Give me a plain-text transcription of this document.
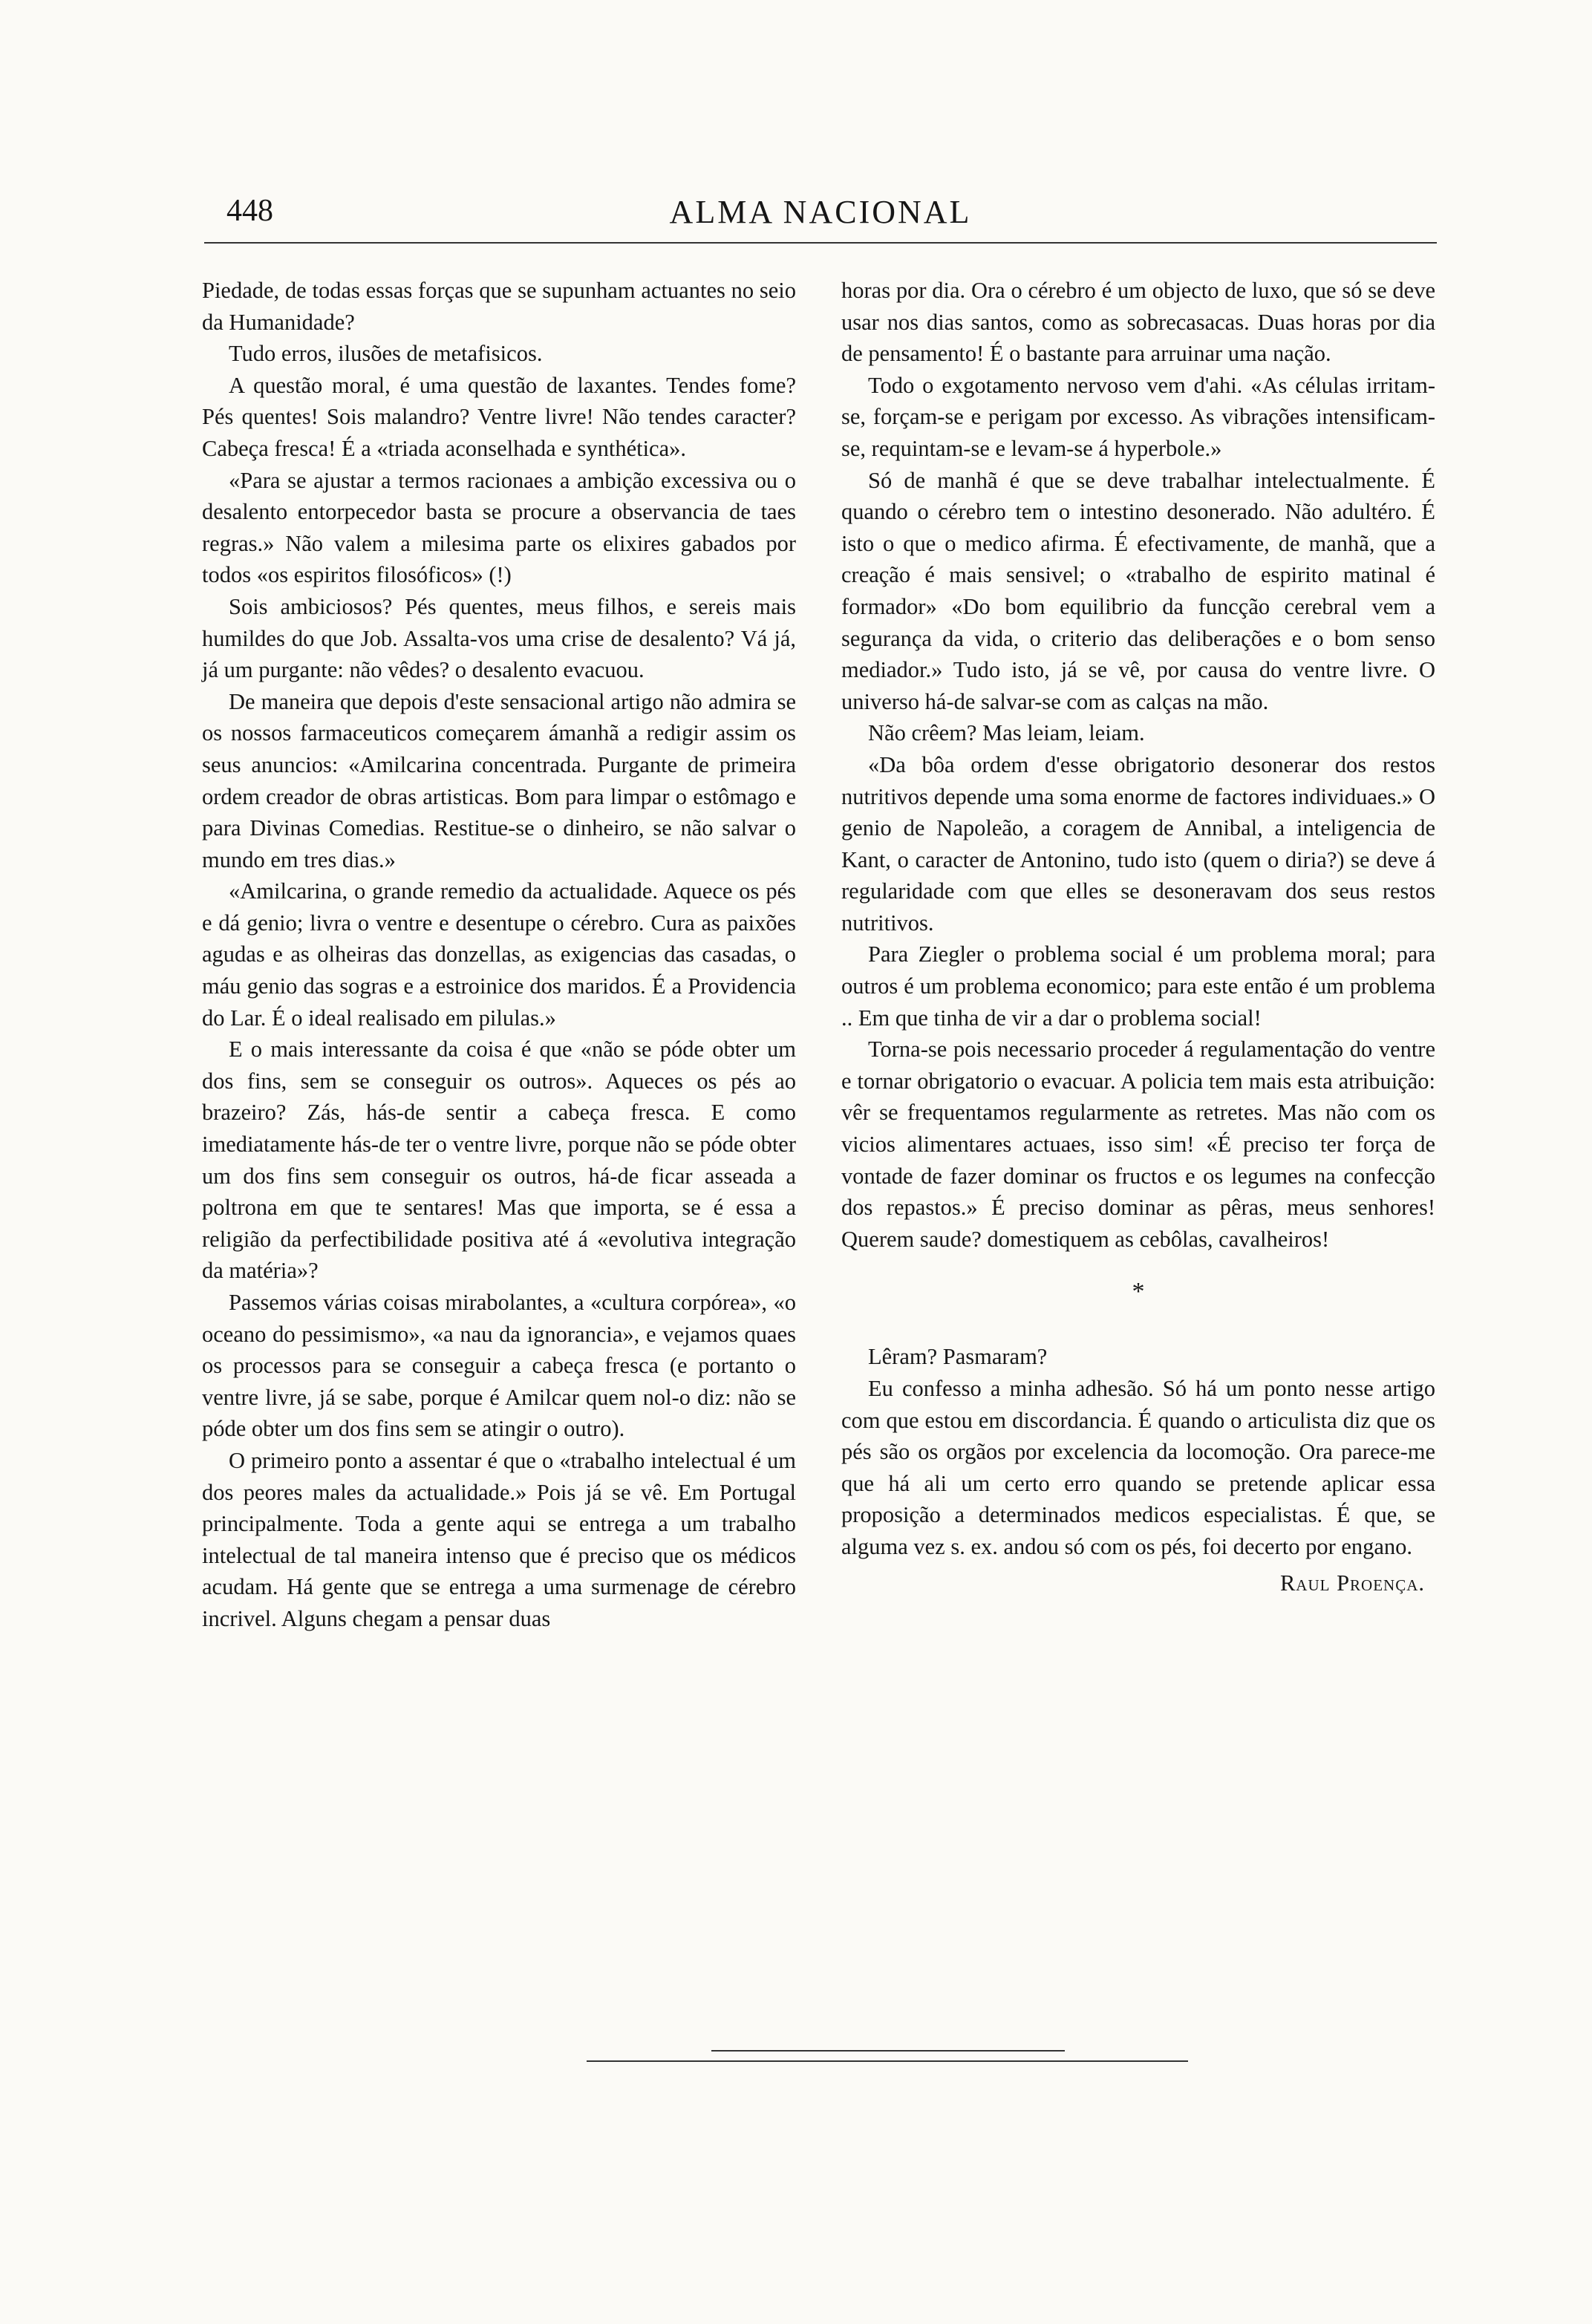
448	ALMA NACIONAL

Piedade, de todas essas forças que se supunham actuantes no seio da Humanidade?

Tudo erros, ilusões de metafisicos.

A questão moral, é uma questão de laxantes. Tendes fome? Pés quentes! Sois malandro? Ventre livre! Não tendes caracter? Cabeça fresca! É a «triada aconselhada e synthética».

«Para se ajustar a termos racionaes a ambição excessiva ou o desalento entorpecedor basta se procure a observancia de taes regras.» Não valem a milesima parte os elixires gabados por todos «os espiritos filosóficos» (!)

Sois ambiciosos? Pés quentes, meus filhos, e sereis mais humildes do que Job. Assalta-vos uma crise de desalento? Vá já, já um purgante: não vêdes? o desalento evacuou.

De maneira que depois d'este sensacional artigo não admira se os nossos farmaceuticos começarem ámanhã a redigir assim os seus anuncios: «Amilcarina concentrada. Purgante de primeira ordem creador de obras artisticas. Bom para limpar o estômago e para Divinas Comedias. Restitue-se o dinheiro, se não salvar o mundo em tres dias.»

«Amilcarina, o grande remedio da actualidade. Aquece os pés e dá genio; livra o ventre e desentupe o cérebro. Cura as paixões agudas e as olheiras das donzellas, as exigencias das casadas, o máu genio das sogras e a estroinice dos maridos. É a Providencia do Lar. É o ideal realisado em pilulas.»

E o mais interessante da coisa é que «não se póde obter um dos fins, sem se conseguir os outros». Aqueces os pés ao brazeiro? Zás, hás-de sentir a cabeça fresca. E como imediatamente hás-de ter o ventre livre, porque não se póde obter um dos fins sem conseguir os outros, há-de ficar asseada a poltrona em que te sentares! Mas que importa, se é essa a religião da perfectibilidade positiva até á «evolutiva integração da matéria»?

Passemos várias coisas mirabolantes, a «cultura corpórea», «o oceano do pessimismo», «a nau da ignorancia», e vejamos quaes os processos para se conseguir a cabeça fresca (e portanto o ventre livre, já se sabe, porque é Amilcar quem nol-o diz: não se póde obter um dos fins sem se atingir o outro).

O primeiro ponto a assentar é que o «trabalho intelectual é um dos peores males da actualidade.» Pois já se vê. Em Portugal principalmente. Toda a gente aqui se entrega a um trabalho intelectual de tal maneira intenso que é preciso que os médicos acudam. Há gente que se entrega a uma surmenage de cérebro incrivel. Alguns chegam a pensar duas

horas por dia. Ora o cérebro é um objecto de luxo, que só se deve usar nos dias santos, como as sobrecasacas. Duas horas por dia de pensamento! É o bastante para arruinar uma nação.

Todo o exgotamento nervoso vem d'ahi. «As células irritam-se, forçam-se e perigam por excesso. As vibrações intensificam-se, requintam-se e levam-se á hyperbole.»

Só de manhã é que se deve trabalhar intelectualmente. É quando o cérebro tem o intestino desonerado. Não adultéro. É isto o que o medico afirma. É efectivamente, de manhã, que a creação é mais sensivel; o «trabalho de espirito matinal é formador» «Do bom equilibrio da funcção cerebral vem a segurança da vida, o criterio das deliberações e o bom senso mediador.» Tudo isto, já se vê, por causa do ventre livre. O universo há-de salvar-se com as calças na mão.

Não crêem? Mas leiam, leiam.

«Da bôa ordem d'esse obrigatorio desonerar dos restos nutritivos depende uma soma enorme de factores individuaes.» O genio de Napoleão, a coragem de Annibal, a inteligencia de Kant, o caracter de Antonino, tudo isto (quem o diria?) se deve á regularidade com que elles se desoneravam dos seus restos nutritivos.

Para Ziegler o problema social é um problema moral; para outros é um problema economico; para este então é um problema .. Em que tinha de vir a dar o problema social!

Torna-se pois necessario proceder á regulamentação do ventre e tornar obrigatorio o evacuar. A policia tem mais esta atribuição: vêr se frequentamos regularmente as retretes. Mas não com os vicios alimentares actuaes, isso sim! «É preciso ter força de vontade de fazer dominar os fructos e os legumes na confecção dos repastos.» É preciso dominar as pêras, meus senhores! Querem saude? domestiquem as cebôlas, cavalheiros!

*

Lêram? Pasmaram?

Eu confesso a minha adhesão. Só há um ponto nesse artigo com que estou em discordancia. É quando o articulista diz que os pés são os orgãos por excelencia da locomoção. Ora parece-me que há ali um certo erro quando se pretende aplicar essa proposição a determinados medicos especialistas. É que, se alguma vez s. ex. andou só com os pés, foi decerto por engano.

Raul Proença.
